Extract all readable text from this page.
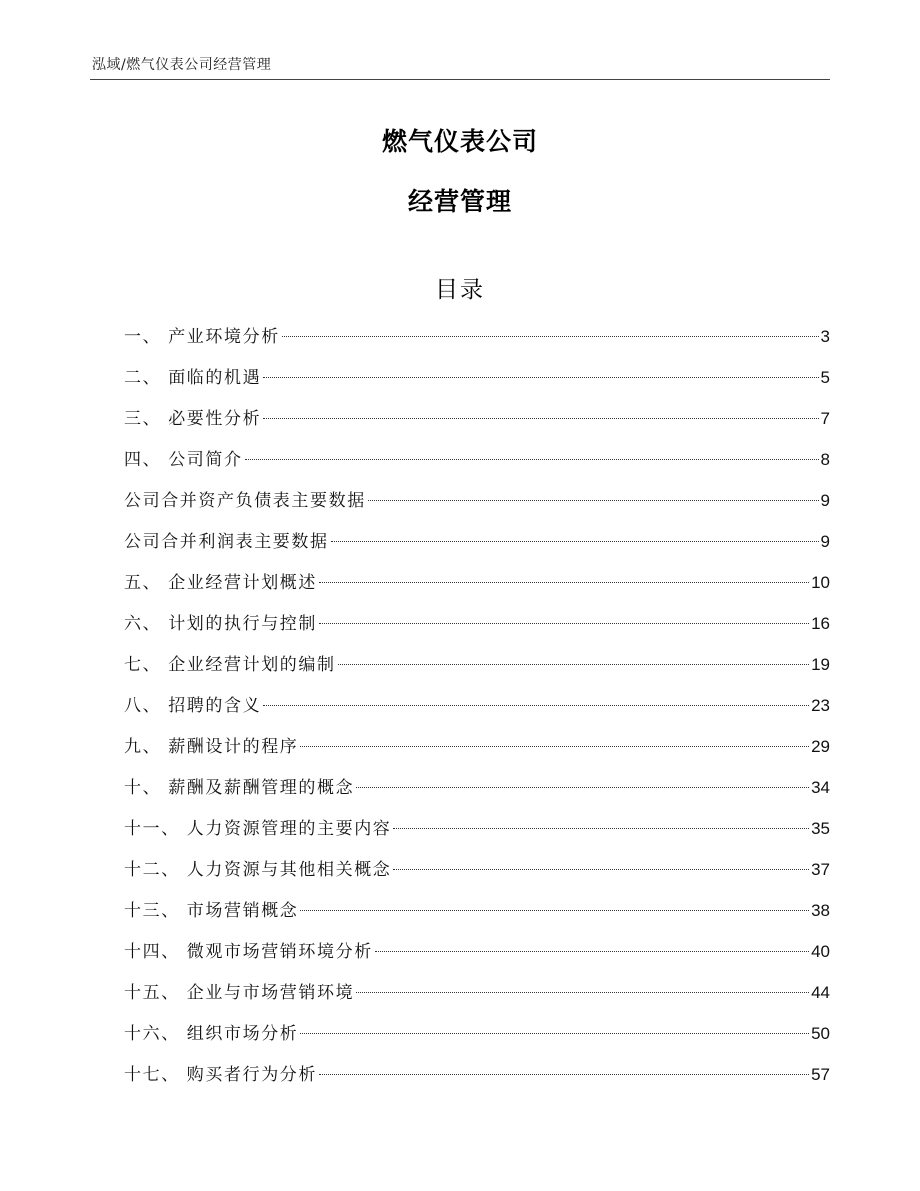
泓域/燃气仪表公司经营管理
燃气仪表公司
经营管理
目录
一、 产业环境分析	3
二、 面临的机遇	5
三、 必要性分析	7
四、 公司简介	8
公司合并资产负债表主要数据	9
公司合并利润表主要数据	9
五、 企业经营计划概述	10
六、 计划的执行与控制	16
七、 企业经营计划的编制	19
八、 招聘的含义	23
九、 薪酬设计的程序	29
十、 薪酬及薪酬管理的概念	34
十一、 人力资源管理的主要内容	35
十二、 人力资源与其他相关概念	37
十三、 市场营销概念	38
十四、 微观市场营销环境分析	40
十五、 企业与市场营销环境	44
十六、 组织市场分析	50
十七、 购买者行为分析	57
